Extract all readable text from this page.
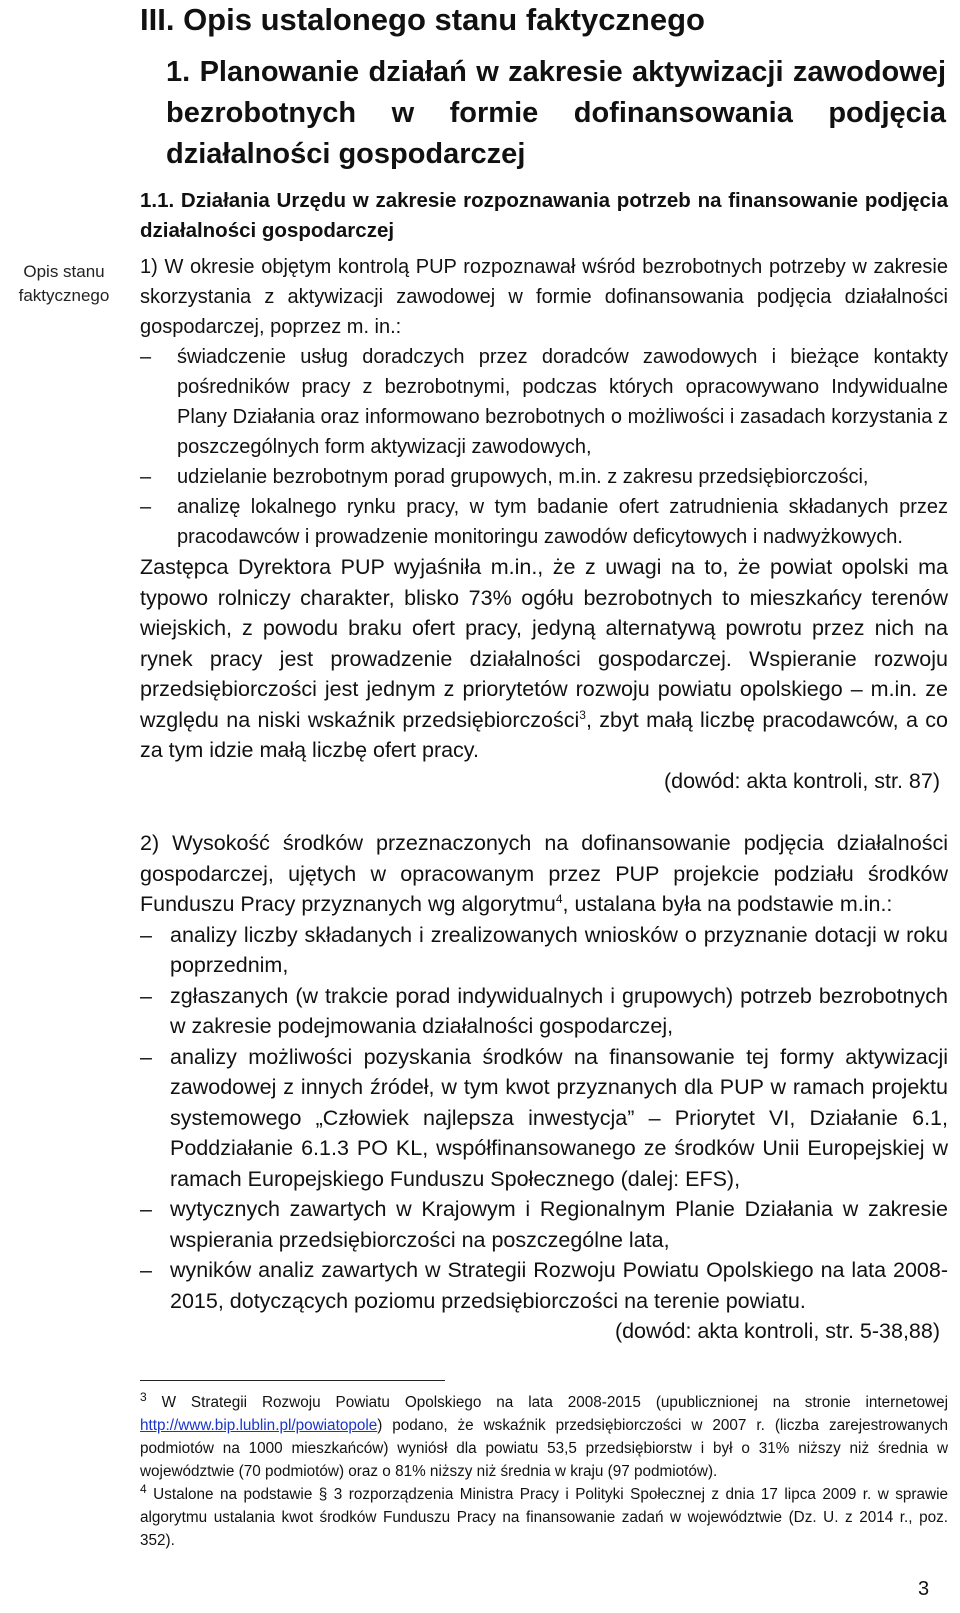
III. Opis ustalonego stanu faktycznego
1. Planowanie działań w zakresie aktywizacji zawodowej bezrobotnych w formie dofinansowania podjęcia działalności gospodarczej
1.1. Działania Urzędu w zakresie rozpoznawania potrzeb na finansowanie podjęcia działalności gospodarczej
Opis stanu faktycznego

1) W okresie objętym kontrolą PUP rozpoznawał wśród bezrobotnych potrzeby w zakresie skorzystania z aktywizacji zawodowej w formie dofinansowania podjęcia działalności gospodarczej, poprzez m. in.:

– świadczenie usług doradczych przez doradców zawodowych i bieżące kontakty pośredników pracy z bezrobotnymi, podczas których opracowywano Indywidualne Plany Działania oraz informowano bezrobotnych o możliwości i zasadach korzystania z poszczególnych form aktywizacji zawodowych,
– udzielanie bezrobotnym porad grupowych, m.in. z zakresu przedsiębiorczości,
– analizę lokalnego rynku pracy, w tym badanie ofert zatrudnienia składanych przez pracodawców i prowadzenie monitoringu zawodów deficytowych i nadwyżkowych.

Zastępca Dyrektora PUP wyjaśniła m.in., że z uwagi na to, że powiat opolski ma typowo rolniczy charakter, blisko 73% ogółu bezrobotnych to mieszkańcy terenów wiejskich, z powodu braku ofert pracy, jedyną alternatywą powrotu przez nich na rynek pracy jest prowadzenie działalności gospodarczej. Wspieranie rozwoju przedsiębiorczości jest jednym z priorytetów rozwoju powiatu opolskiego – m.in. ze względu na niski wskaźnik przedsiębiorczości$^3$, zbyt małą liczbę pracodawców, a co za tym idzie małą liczbę ofert pracy.

(dowód: akta kontroli, str. 87)

2) Wysokość środków przeznaczonych na dofinansowanie podjęcia działalności gospodarczej, ujętych w opracowanym przez PUP projekcie podziału środków Funduszu Pracy przyznanych wg algorytmu$^4$, ustalana była na podstawie m.in.:

– analizy liczby składanych i zrealizowanych wniosków o przyznanie dotacji w roku poprzednim,
– zgłaszanych (w trakcie porad indywidualnych i grupowych) potrzeb bezrobotnych w zakresie podejmowania działalności gospodarczej,
– analizy możliwości pozyskania środków na finansowanie tej formy aktywizacji zawodowej z innych źródeł, w tym kwot przyznanych dla PUP w ramach projektu systemowego „Człowiek najlepsza inwestycja” – Priorytet VI, Działanie 6.1, Poddziałanie 6.1.3 PO KL, współfinansowanego ze środków Unii Europejskiej w ramach Europejskiego Funduszu Społecznego (dalej: EFS),
– wytycznych zawartych w Krajowym i Regionalnym Planie Działania w zakresie wspierania przedsiębiorczości na poszczególne lata,
– wyników analiz zawartych w Strategii Rozwoju Powiatu Opolskiego na lata 2008-2015, dotyczących poziomu przedsiębiorczości na terenie powiatu.

(dowód: akta kontroli, str. 5-38,88)

$^3$ W Strategii Rozwoju Powiatu Opolskiego na lata 2008-2015 (upublicznionej na stronie internetowej http://www.bip.lublin.pl/powiatopole) podano, że wskaźnik przedsiębiorczości w 2007 r. (liczba zarejestrowanych podmiotów na 1000 mieszkańców) wyniósł dla powiatu 53,5 przedsiębiorstw i był o 31% niższy niż średnia w województwie (70 podmiotów) oraz o 81% niższy niż średnia w kraju (97 podmiotów).

$^4$ Ustalone na podstawie § 3 rozporządzenia Ministra Pracy i Polityki Społecznej z dnia 17 lipca 2009 r. w sprawie algorytmu ustalania kwot środków Funduszu Pracy na finansowanie zadań w województwie (Dz. U. z 2014 r., poz. 352).

3
